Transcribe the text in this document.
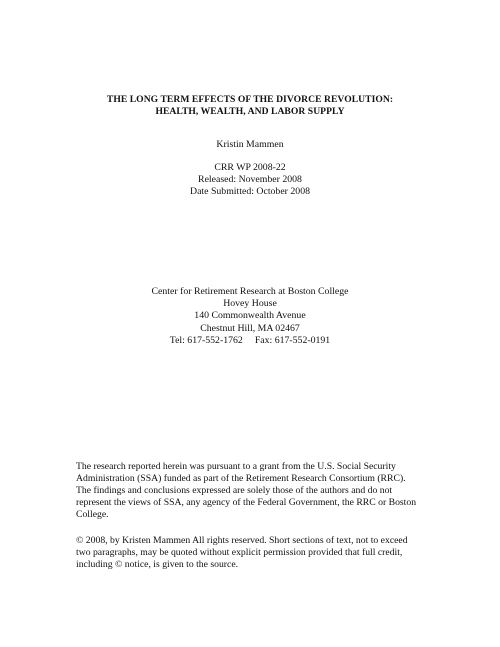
THE LONG TERM EFFECTS OF THE DIVORCE REVOLUTION:
HEALTH, WEALTH, AND LABOR SUPPLY
Kristin Mammen
CRR WP 2008-22
Released: November 2008
Date Submitted: October 2008
Center for Retirement Research at Boston College
Hovey House
140 Commonwealth Avenue
Chestnut Hill, MA 02467
Tel: 617-552-1762 Fax: 617-552-0191
The research reported herein was pursuant to a grant from the U.S. Social Security
Administration (SSA) funded as part of the Retirement Research Consortium (RRC).
The findings and conclusions expressed are solely those of the authors and do not
represent the views of SSA, any agency of the Federal Government, the RRC or Boston
College.
© 2008, by Kristen Mammen All rights reserved. Short sections of text, not to exceed
two paragraphs, may be quoted without explicit permission provided that full credit,
including © notice, is given to the source.
